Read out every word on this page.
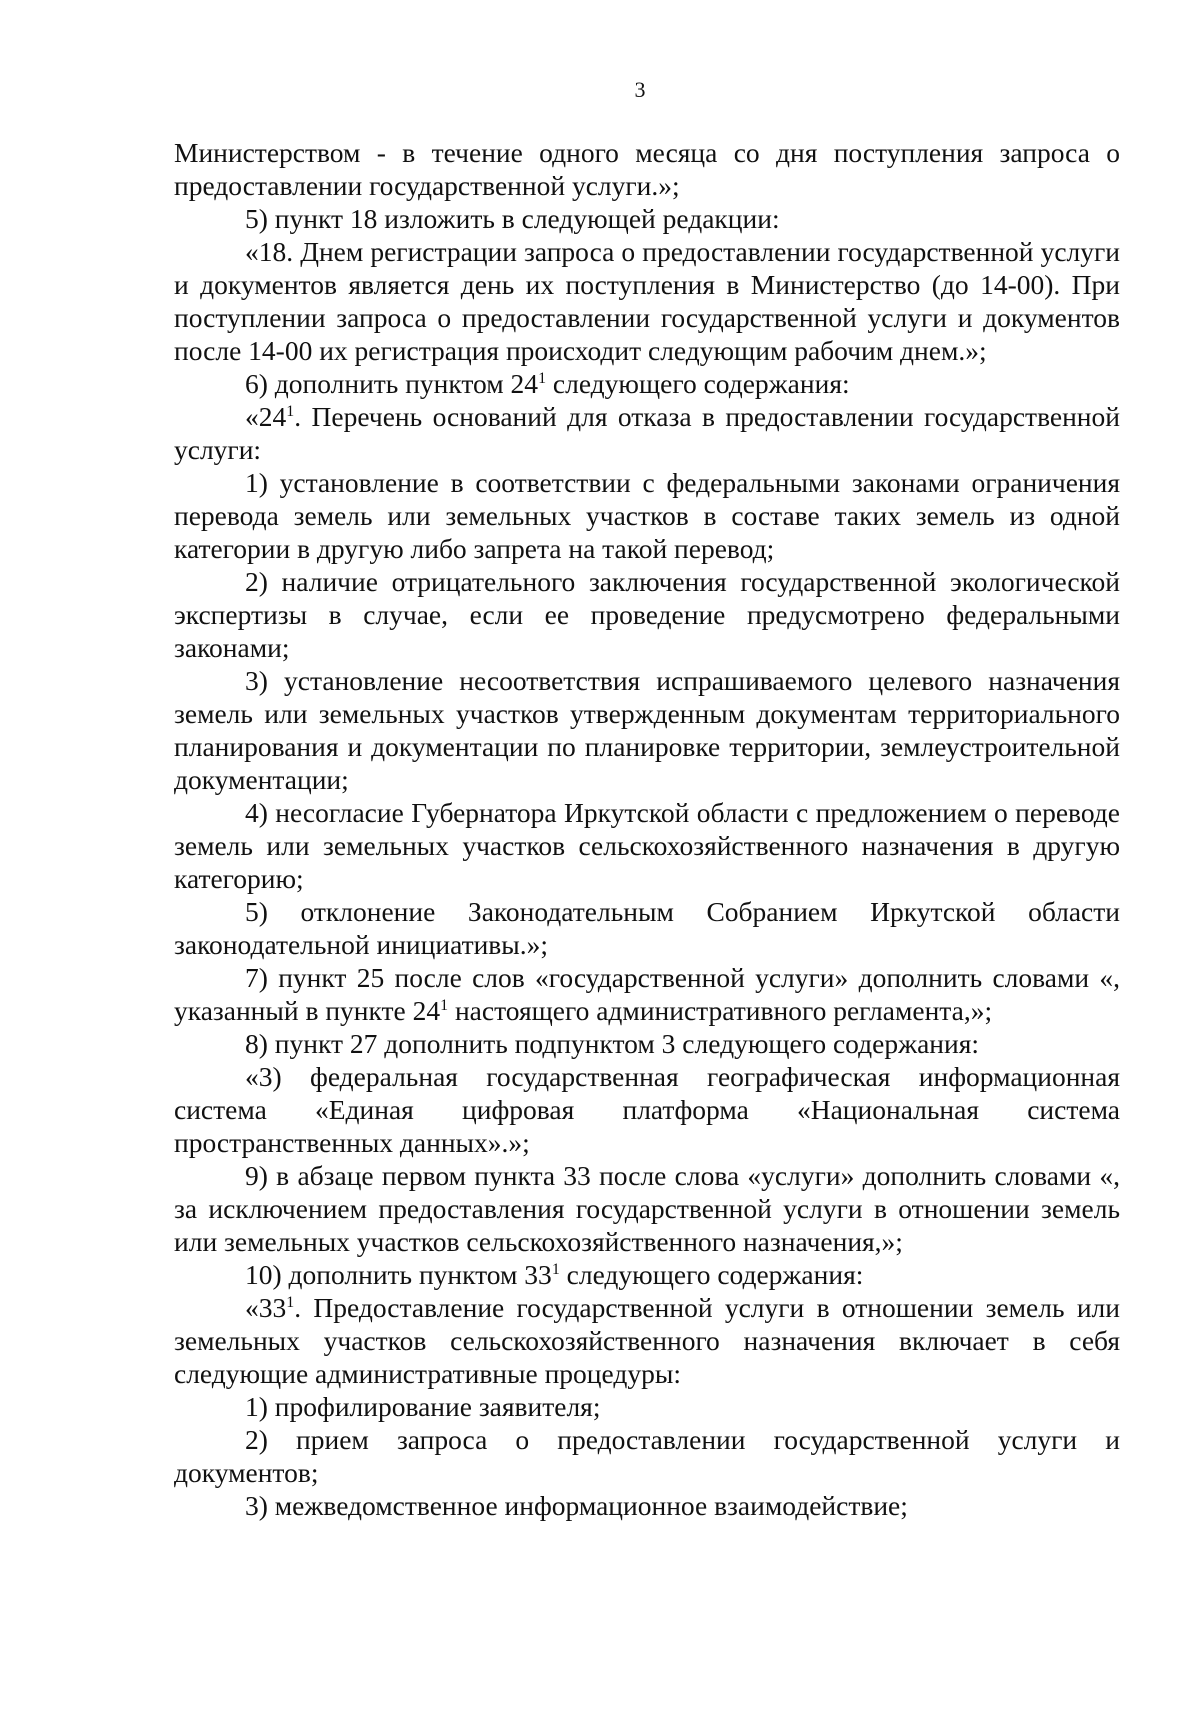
3

Министерством - в течение одного месяца со дня поступления запроса о предоставлении государственной услуги.»;

5) пункт 18 изложить в следующей редакции:

«18. Днем регистрации запроса о предоставлении государственной услуги и документов является день их поступления в Министерство (до 14-00). При поступлении запроса о предоставлении государственной услуги и документов после 14-00 их регистрация происходит следующим рабочим днем.»;

6) дополнить пунктом $24^1$ следующего содержания:

«$24^1$. Перечень оснований для отказа в предоставлении государственной услуги:

1) установление в соответствии с федеральными законами ограничения перевода земель или земельных участков в составе таких земель из одной категории в другую либо запрета на такой перевод;

2) наличие отрицательного заключения государственной экологической экспертизы в случае, если ее проведение предусмотрено федеральными законами;

3) установление несоответствия испрашиваемого целевого назначения земель или земельных участков утвержденным документам территориального планирования и документации по планировке территории, землеустроительной документации;

4) несогласие Губернатора Иркутской области с предложением о переводе земель или земельных участков сельскохозяйственного назначения в другую категорию;

5) отклонение Законодательным Собранием Иркутской области законодательной инициативы.»;

7) пункт 25 после слов «государственной услуги» дополнить словами «, указанный в пункте $24^1$ настоящего административного регламента,»;

8) пункт 27 дополнить подпунктом 3 следующего содержания:

«3) федеральная государственная географическая информационная система «Единая цифровая платформа «Национальная система пространственных данных».»;

9) в абзаце первом пункта 33 после слова «услуги» дополнить словами «, за исключением предоставления государственной услуги в отношении земель или земельных участков сельскохозяйственного назначения,»;

10) дополнить пунктом $33^1$ следующего содержания:

«$33^1$. Предоставление государственной услуги в отношении земель или земельных участков сельскохозяйственного назначения включает в себя следующие административные процедуры:

1) профилирование заявителя;

2) прием запроса о предоставлении государственной услуги и документов;

3) межведомственное информационное взаимодействие;
